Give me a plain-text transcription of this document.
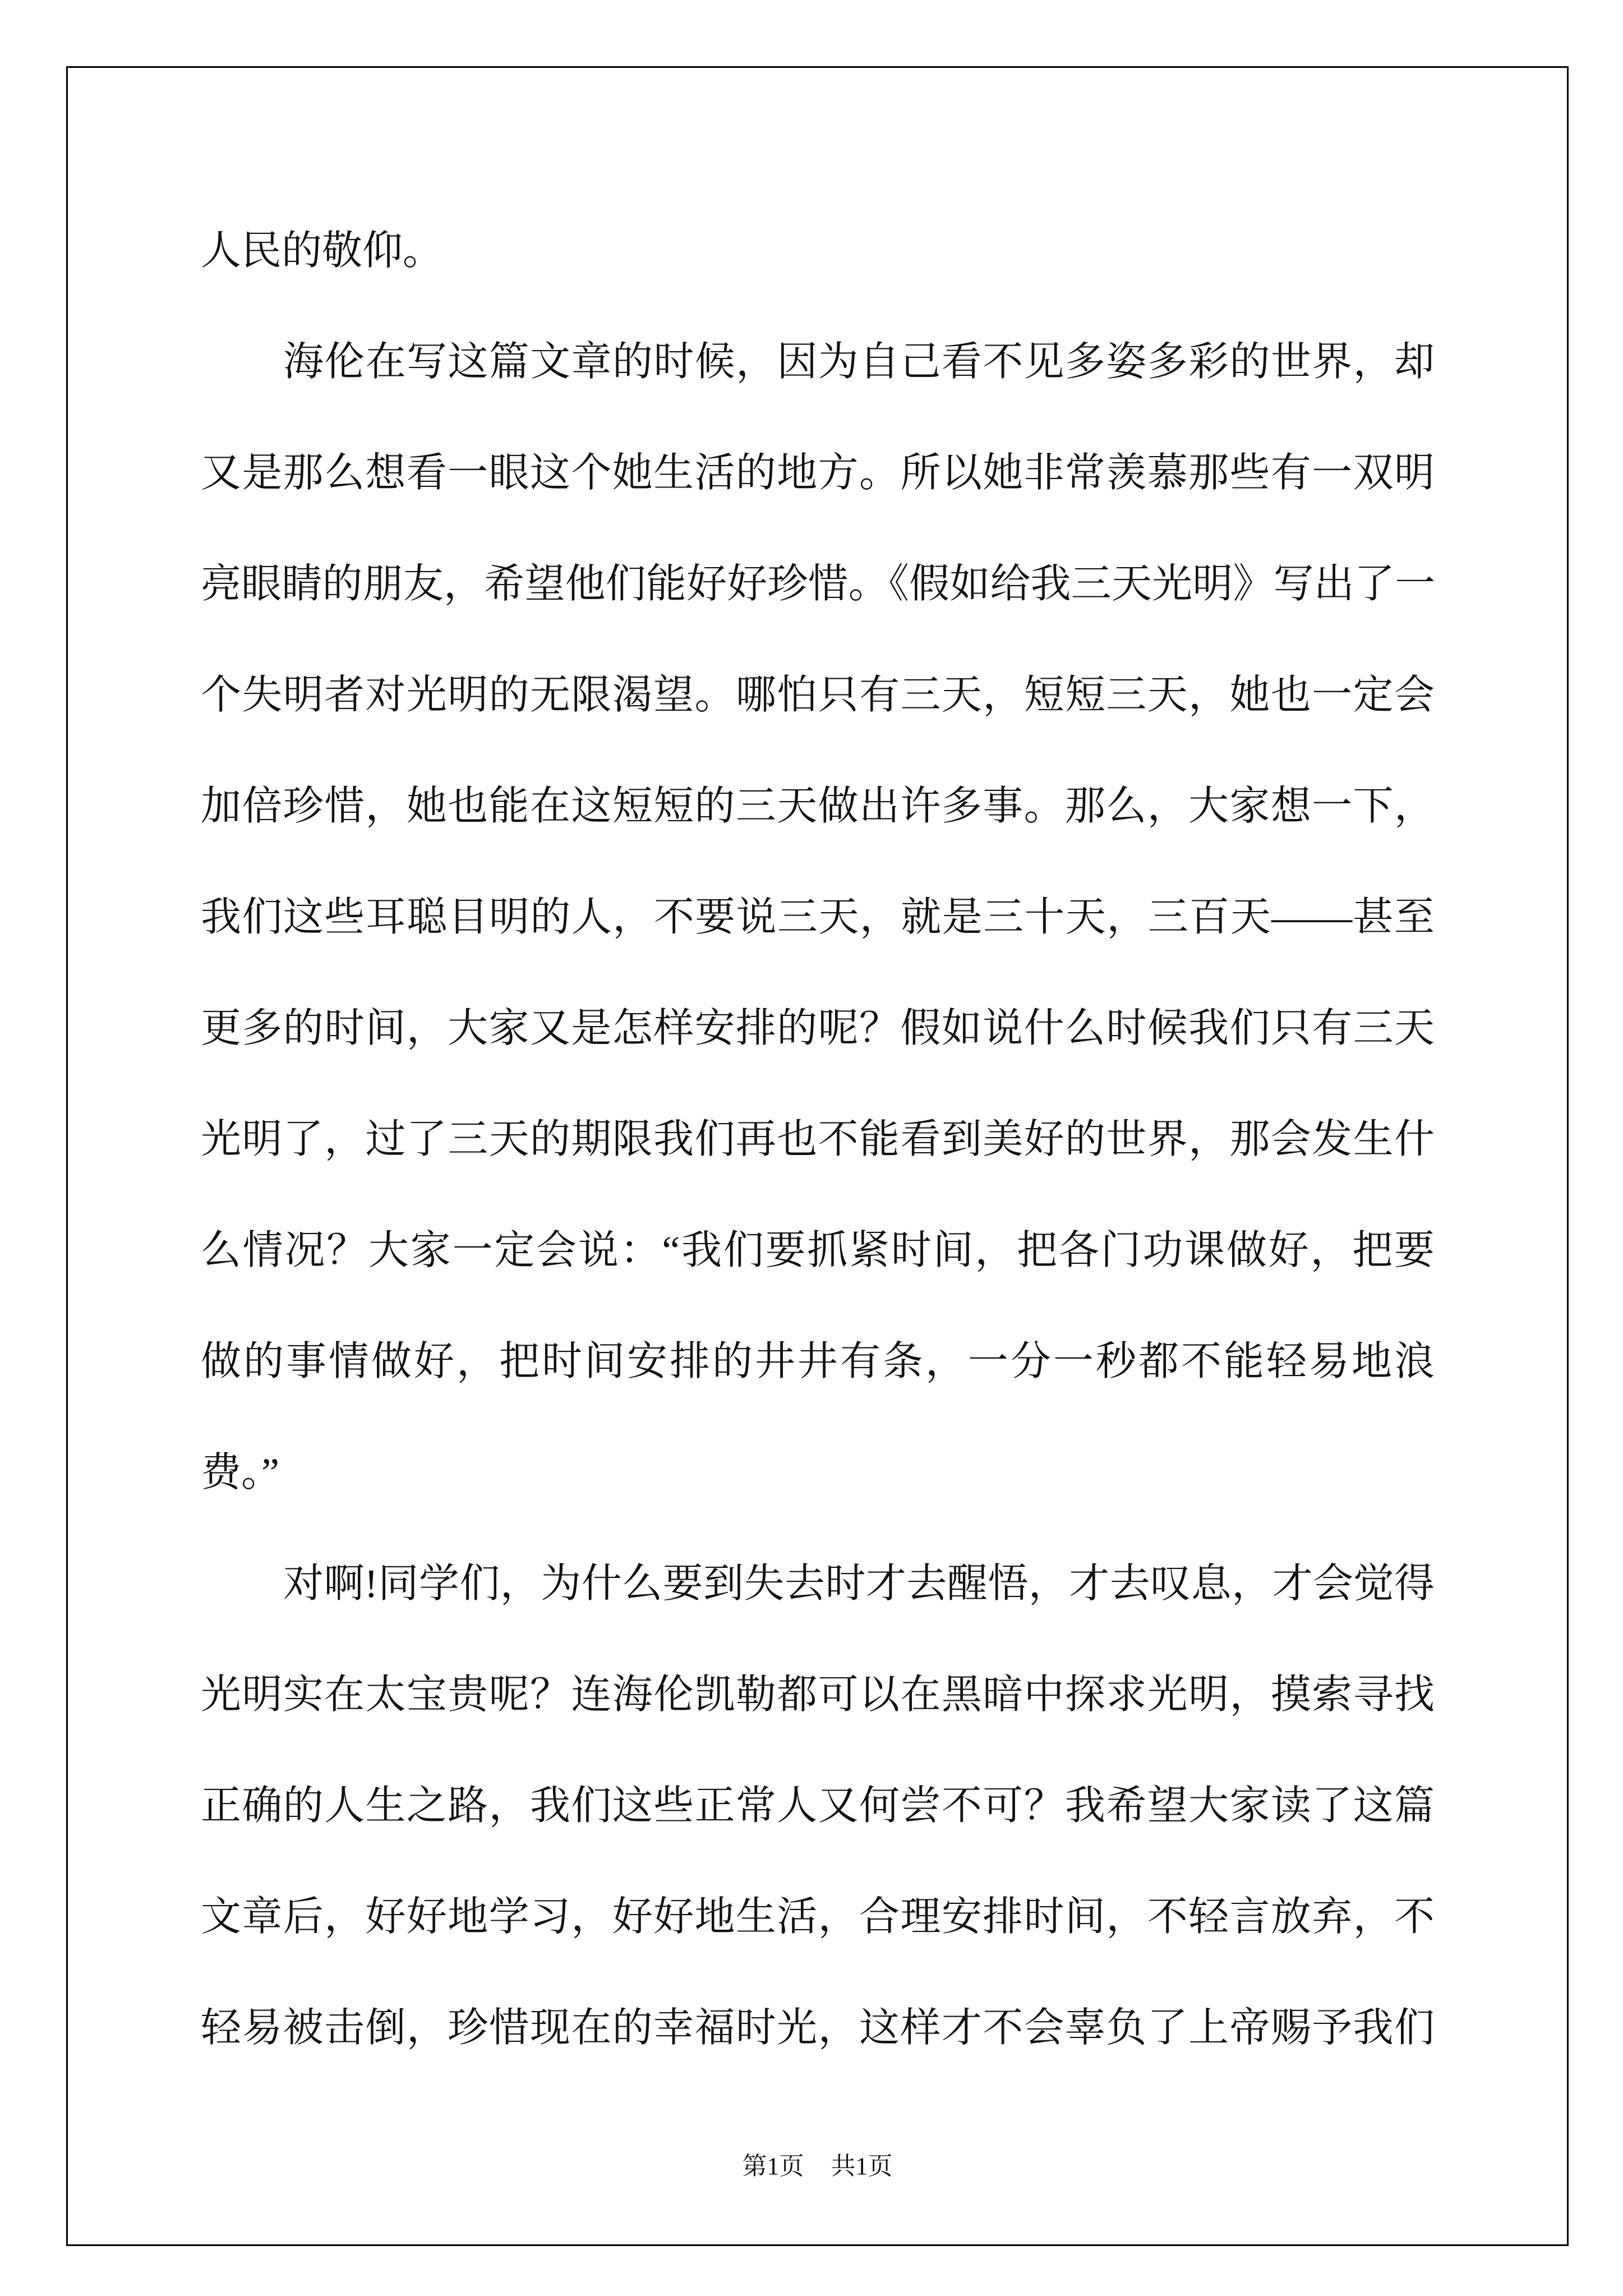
人民的敬仰。
海伦在写这篇文章的时候，因为自己看不见多姿多彩的世界，却
又是那么想看一眼这个她生活的地方。所以她非常羡慕那些有一双明
亮眼睛的朋友，希望他们能好好珍惜。《假如给我三天光明》写出了一
个失明者对光明的无限渴望。哪怕只有三天，短短三天，她也一定会
加倍珍惜，她也能在这短短的三天做出许多事。那么，大家想一下，
我们这些耳聪目明的人，不要说三天，就是三十天，三百天——甚至
更多的时间，大家又是怎样安排的呢？假如说什么时候我们只有三天
光明了，过了三天的期限我们再也不能看到美好的世界，那会发生什
么情况？大家一定会说：“我们要抓紧时间，把各门功课做好，把要
做的事情做好，把时间安排的井井有条，一分一秒都不能轻易地浪
费。”
对啊!同学们，为什么要到失去时才去醒悟，才去叹息，才会觉得
光明实在太宝贵呢？连海伦凯勒都可以在黑暗中探求光明，摸索寻找
正确的人生之路，我们这些正常人又何尝不可？我希望大家读了这篇
文章后，好好地学习，好好地生活，合理安排时间，不轻言放弃，不
轻易被击倒，珍惜现在的幸福时光，这样才不会辜负了上帝赐予我们
第1页 共1页
